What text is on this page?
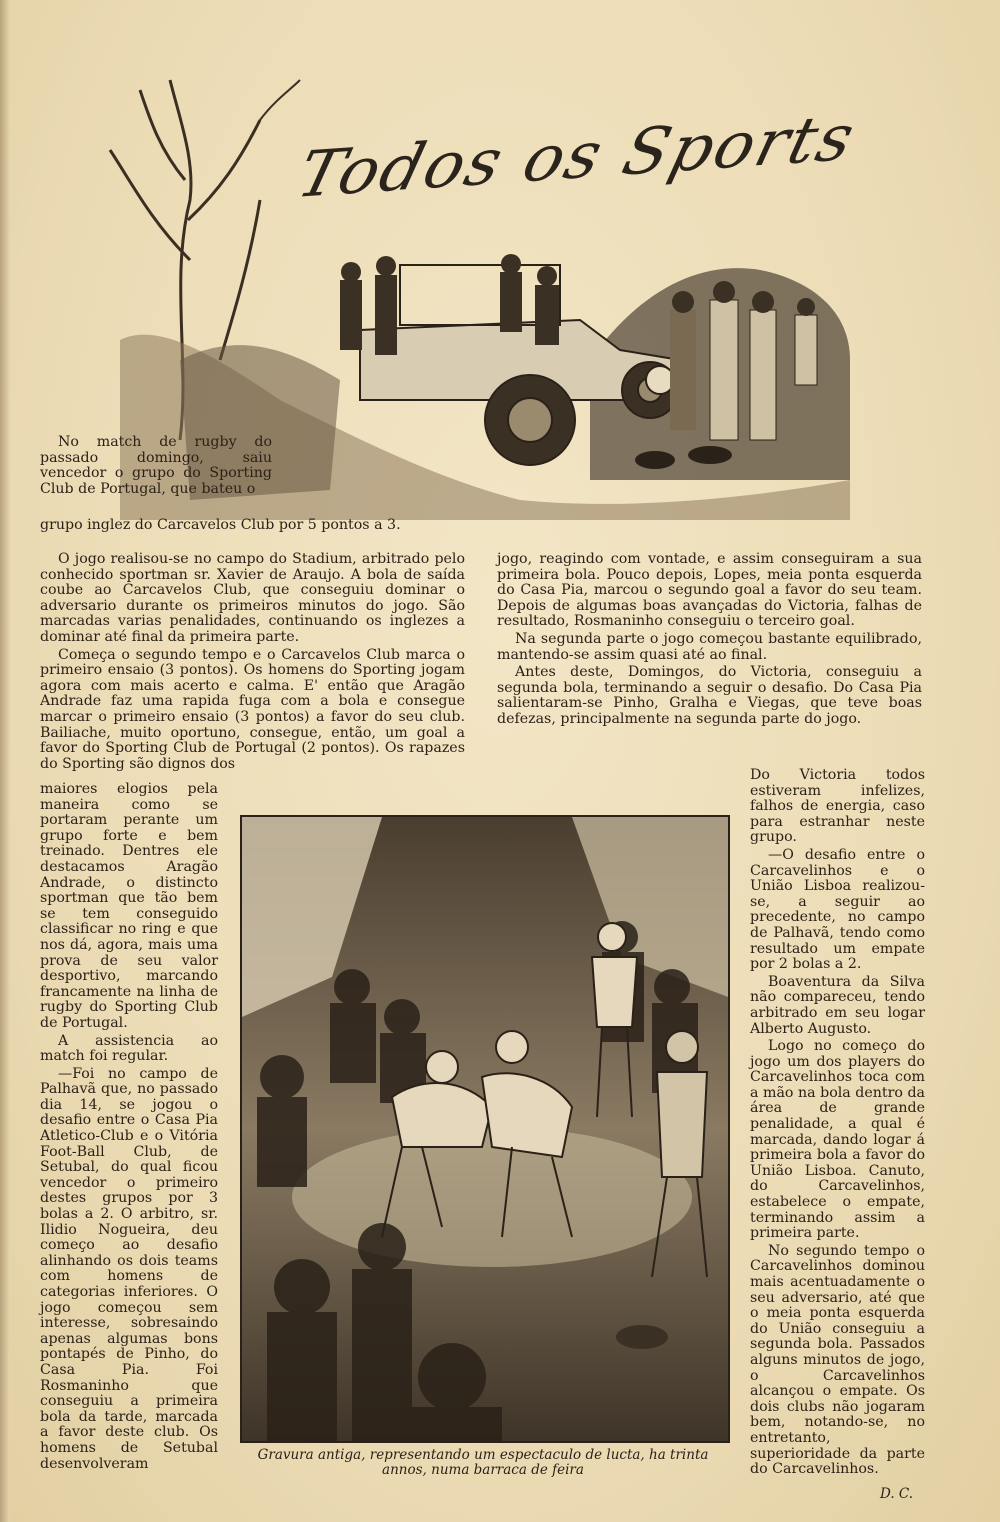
Todos os Sports

No match de rugby do passado domingo, saiu vencedor o grupo do Sporting Club de Portugal, que bateu o

grupo inglez do Carcavelos Club por 5 pontos a 3.

O jogo realisou-se no campo do Stadium, arbitrado pelo conhecido sportman sr. Xavier de Araujo. A bola de saída coube ao Carcavelos Club, que conseguiu dominar o adversario durante os primeiros minutos do jogo. São marcadas varias penalidades, continuando os inglezes a dominar até final da primeira parte.

Começa o segundo tempo e o Carcavelos Club marca o primeiro ensaio (3 pontos). Os homens do Sporting jogam agora com mais acerto e calma. E' então que Aragão Andrade faz uma rapida fuga com a bola e consegue marcar o primeiro ensaio (3 pontos) a favor do seu club. Bailiache, muito oportuno, consegue, então, um goal a favor do Sporting Club de Portugal (2 pontos). Os rapazes do Sporting são dignos dos

maiores elogios pela maneira como se portaram perante um grupo forte e bem treinado. Dentres ele destacamos Aragão Andrade, o distincto sportman que tão bem se tem conseguido classificar no ring e que nos dá, agora, mais uma prova de seu valor desportivo, marcando francamente na linha de rugby do Sporting Club de Portugal.

A assistencia ao match foi regular.

—Foi no campo de Palhavã que, no passado dia 14, se jogou o desafio entre o Casa Pia Atletico-Club e o Vitória Foot-Ball Club, de Setubal, do qual ficou vencedor o primeiro destes grupos por 3 bolas a 2. O arbitro, sr. Ilidio Nogueira, deu começo ao desafio alinhando os dois teams com homens de categorias inferiores. O jogo começou sem interesse, sobresaindo apenas algumas bons pontapés de Pinho, do Casa Pia. Foi Rosmaninho que conseguiu a primeira bola da tarde, marcada a favor deste club. Os homens de Setubal desenvolveram

jogo, reagindo com vontade, e assim conseguiram a sua primeira bola. Pouco depois, Lopes, meia ponta esquerda do Casa Pia, marcou o segundo goal a favor do seu team. Depois de algumas boas avançadas do Victoria, falhas de resultado, Rosmaninho conseguiu o terceiro goal.

Na segunda parte o jogo começou bastante equilibrado, mantendo-se assim quasi até ao final.

Antes deste, Domingos, do Victoria, conseguiu a segunda bola, terminando a seguir o desafio. Do Casa Pia salientaram-se Pinho, Gralha e Viegas, que teve boas defezas, principalmente na segunda parte do jogo.

Do Victoria todos estiveram infelizes, falhos de energia, caso para estranhar neste grupo.

—O desafio entre o Carcavelinhos e o União Lisboa realizou-se, a seguir ao precedente, no campo de Palhavã, tendo como resultado um empate por 2 bolas a 2.

Boaventura da Silva não compareceu, tendo arbitrado em seu logar Alberto Augusto.

Logo no começo do jogo um dos players do Carcavelinhos toca com a mão na bola dentro da área de grande penalidade, a qual é marcada, dando logar á primeira bola a favor do União Lisboa. Canuto, do Carcavelinhos, estabelece o empate, terminando assim a primeira parte.

No segundo tempo o Carcavelinhos dominou mais acentuadamente o seu adversario, até que o meia ponta esquerda do União conseguiu a segunda bola. Passados alguns minutos de jogo, o Carcavelinhos alcançou o empate. Os dois clubs não jogaram bem, notando-se, no entretanto, superioridade da parte do Carcavelinhos.

Gravura antiga, representando um espectaculo de lucta, ha trinta annos, numa barraca de feira
D. C.
